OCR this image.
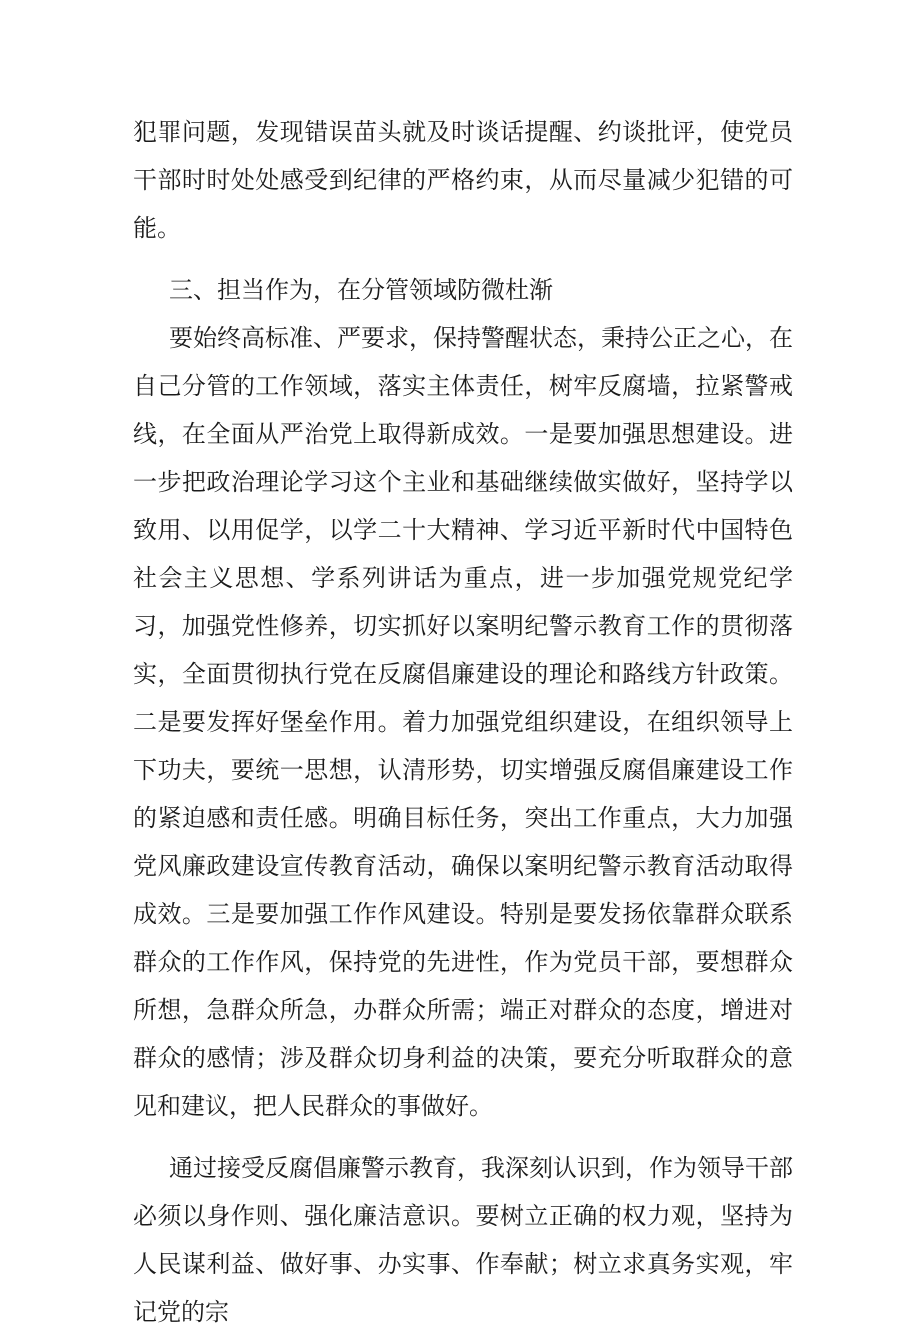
犯罪问题，发现错误苗头就及时谈话提醒、约谈批评，使党员干部时时处处感受到纪律的严格约束，从而尽量减少犯错的可能。

三、担当作为，在分管领域防微杜渐

要始终高标准、严要求，保持警醒状态，秉持公正之心，在自己分管的工作领域，落实主体责任，树牢反腐墙，拉紧警戒线，在全面从严治党上取得新成效。一是要加强思想建设。进一步把政治理论学习这个主业和基础继续做实做好，坚持学以致用、以用促学，以学二十大精神、学习近平新时代中国特色社会主义思想、学系列讲话为重点，进一步加强党规党纪学习，加强党性修养，切实抓好以案明纪警示教育工作的贯彻落实，全面贯彻执行党在反腐倡廉建设的理论和路线方针政策。二是要发挥好堡垒作用。着力加强党组织建设，在组织领导上下功夫，要统一思想，认清形势，切实增强反腐倡廉建设工作的紧迫感和责任感。明确目标任务，突出工作重点，大力加强党风廉政建设宣传教育活动，确保以案明纪警示教育活动取得成效。三是要加强工作作风建设。特别是要发扬依靠群众联系群众的工作作风，保持党的先进性，作为党员干部，要想群众所想，急群众所急，办群众所需；端正对群众的态度，增进对群众的感情；涉及群众切身利益的决策，要充分听取群众的意见和建议，把人民群众的事做好。

通过接受反腐倡廉警示教育，我深刻认识到，作为领导干部必须以身作则、强化廉洁意识。要树立正确的权力观，坚持为人民谋利益、做好事、办实事、作奉献；树立求真务实观，牢记党的宗
